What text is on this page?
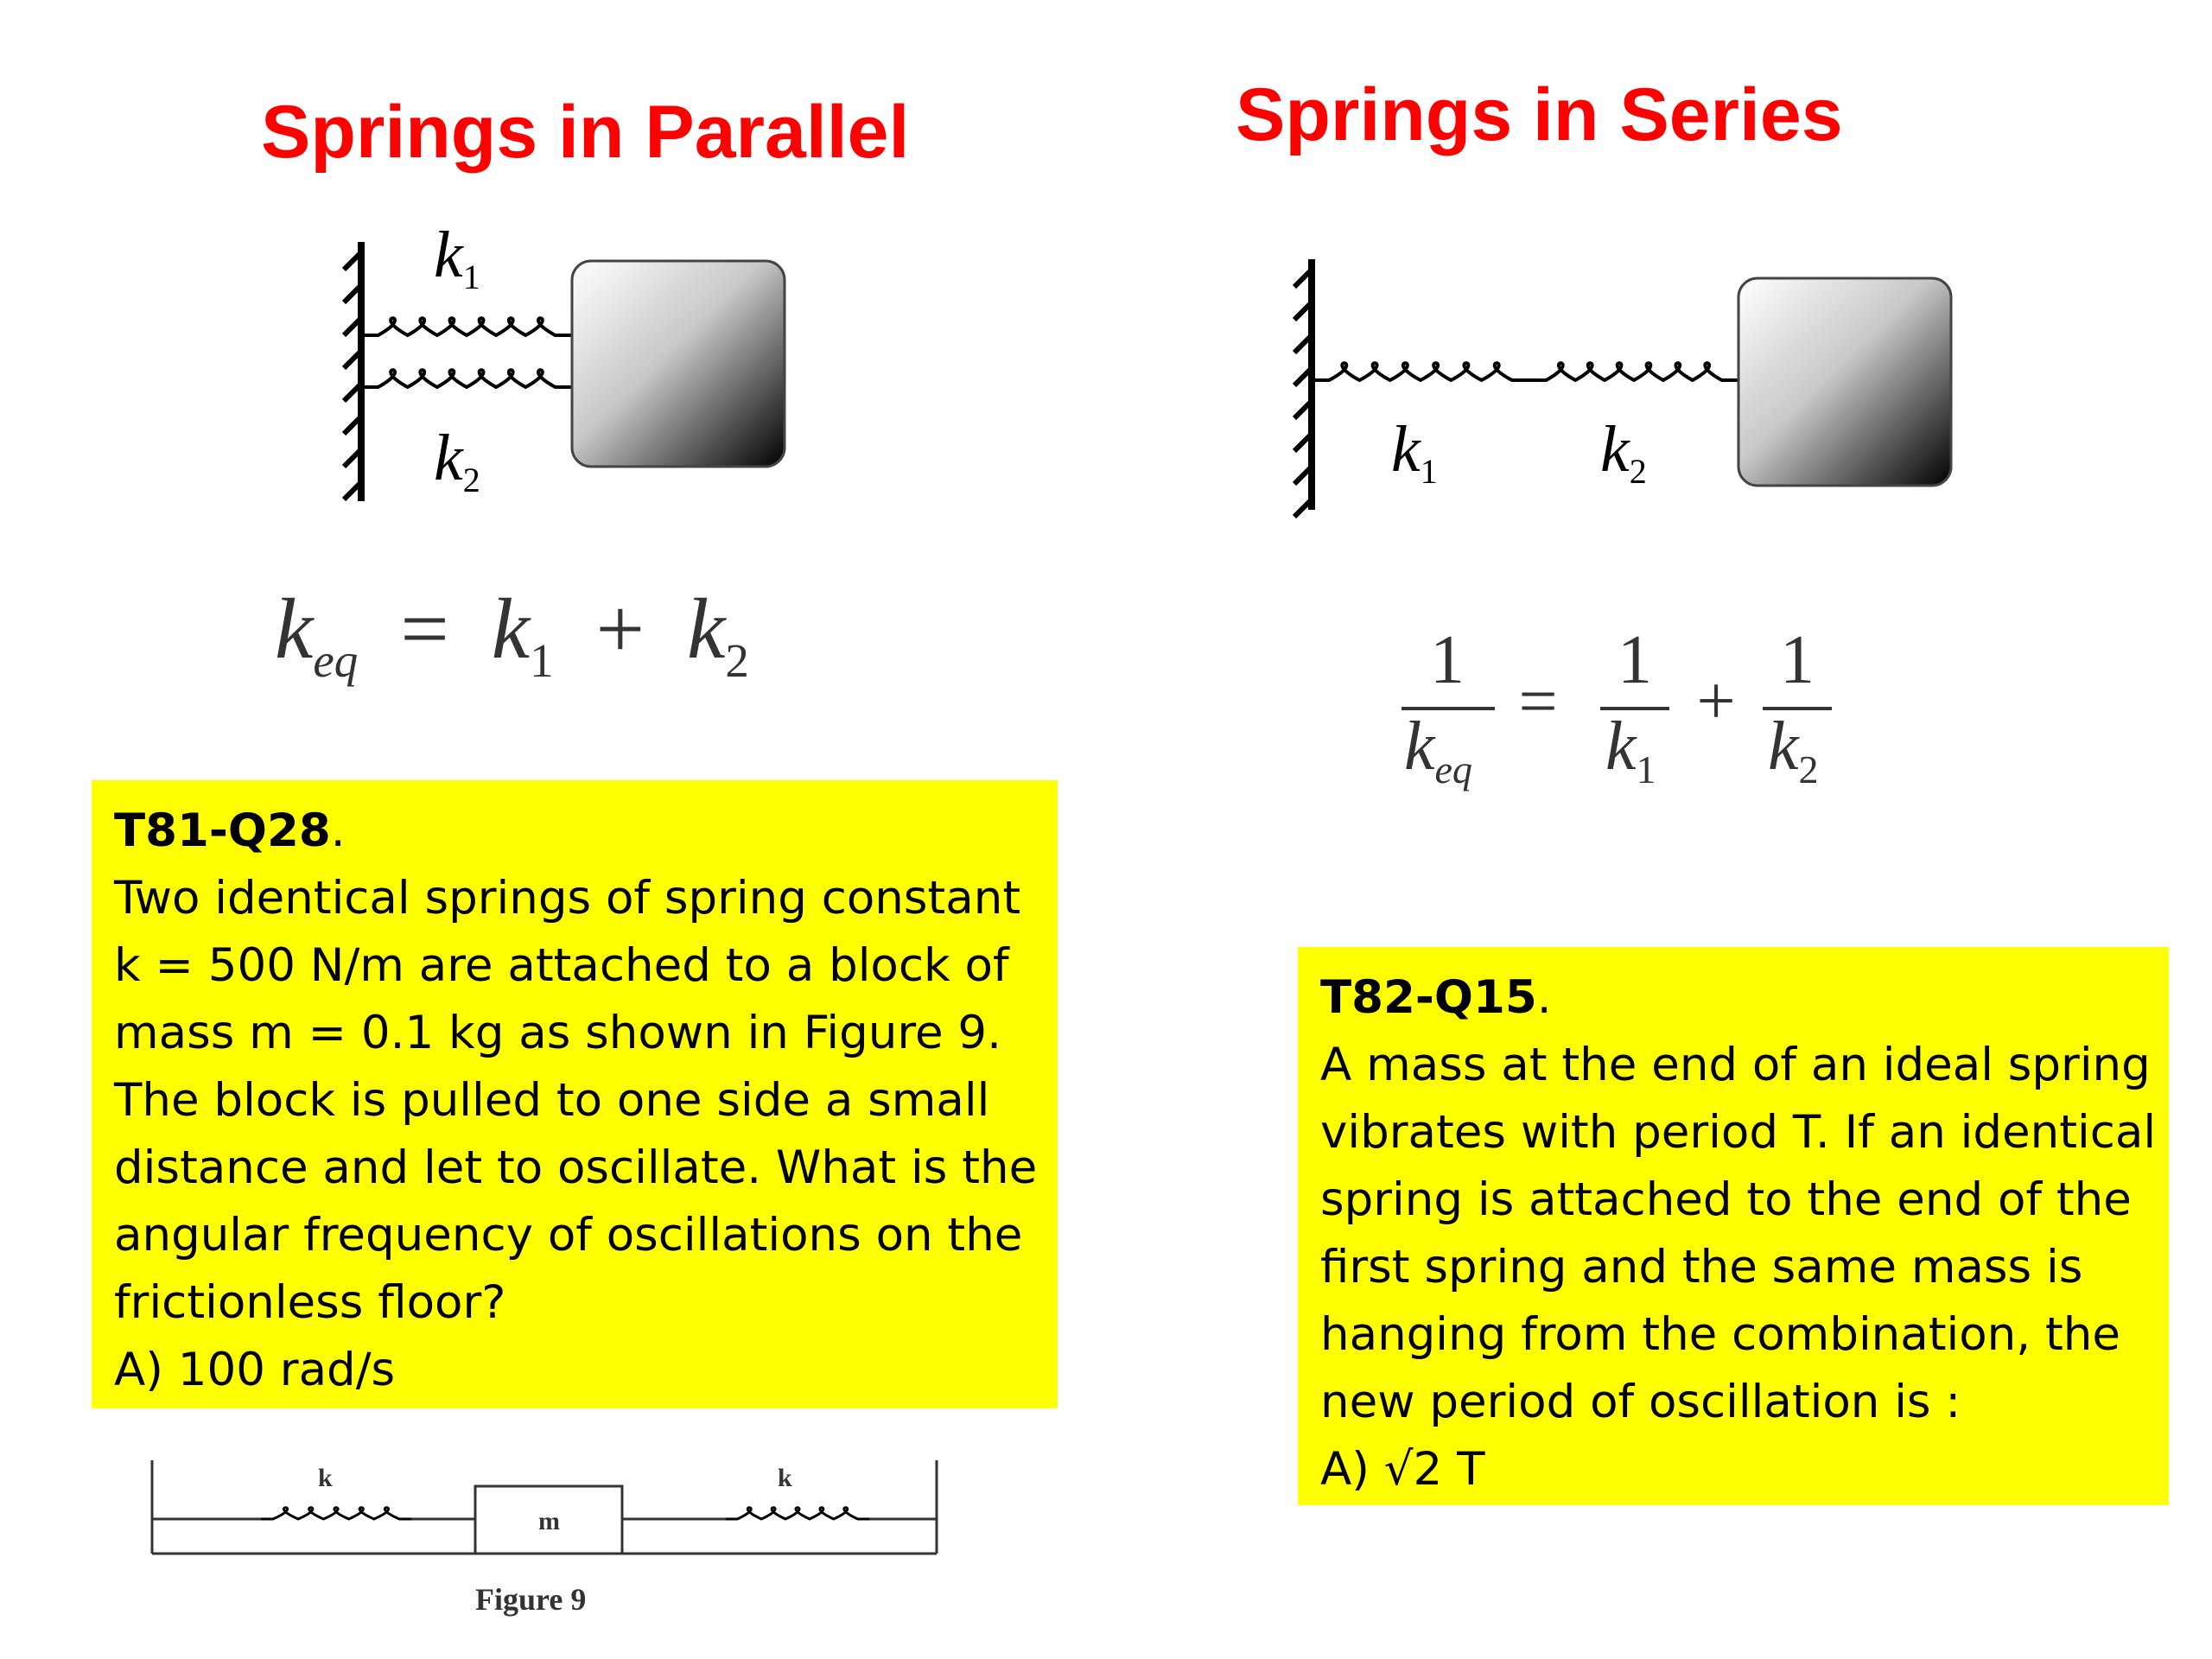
Springs in Parallel	Springs in Series
k1
k2	k1 k2
$k_{eq} = k_1 + k_2$	1
$k_{eq}$
=
1
$k_1$
+
1
$k_2$
T81-Q28.
Two identical springs of spring constant
k = 500 N/m are attached to a block of
mass m = 0.1 kg as shown in Figure 9.
The block is pulled to one side a small
distance and let to oscillate. What is the
angular frequency of oscillations on the
frictionless floor?
A) 100 rad/s
T82-Q15.
A mass at the end of an ideal spring
vibrates with period T. If an identical
spring is attached to the end of the
first spring and the same mass is
hanging from the combination, the
new period of oscillation is :
A) √2 T
k
m
k
Figure 9
